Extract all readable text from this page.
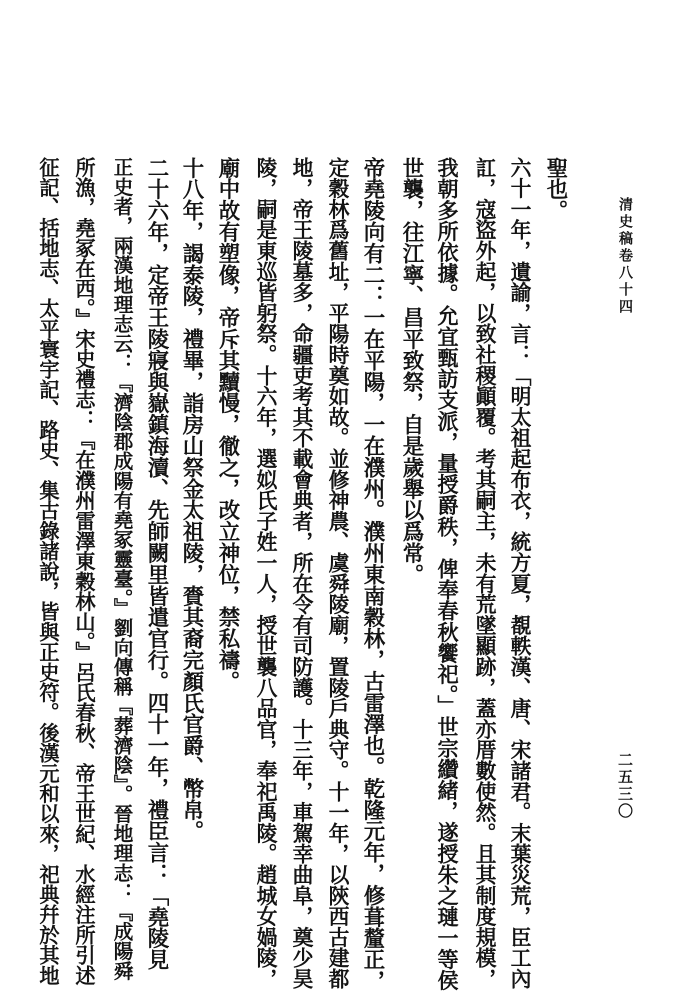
清史稿卷八十四
二五三〇
聖也。
六十一年，遺諭，言：「明太祖起布衣，統方夏，覩軼漢、唐、宋諸君。末葉災荒，臣工內
訌，寇盜外起，以致社稷顚覆。考其嗣主，未有荒墜顯跡，蓋亦厝數使然。且其制度規模，
我朝多所依據。允宜甄訪支派，量授爵秩，俾奉春秋饗祀。」世宗纘緒，遂授朱之璉一等侯
世襲，往江寧、昌平致祭，自是歲舉以爲常。
帝堯陵向有二：一在平陽，一在濮州。濮州東南穀林，古雷澤也。乾隆元年，修葺釐正，
定穀林爲舊址，平陽時奠如故。並修神農、虞舜陵廟，置陵戶典守。十一年，以陝西古建都
地，帝王陵墓多，命疆吏考其不載會典者，所在令有司防護。十三年，車駕幸曲阜，奠少昊
陵，嗣是東巡皆躬祭。十六年，選姒氏子姓一人，授世襲八品官，奉祀禹陵。趙城女媧陵，
廟中故有塑像，帝斥其黷慢，徹之，改立神位，禁私禱。
十八年，謁泰陵，禮畢，詣房山祭金太祖陵，賚其裔完顏氏官爵、幣帛。
二十六年，定帝王陵寢與嶽鎮海瀆、先師闕里皆遣官行。四十一年，禮臣言：「堯陵見
正史者，兩漢地理志云：『濟陰郡成陽有堯冢靈臺。』劉向傳稱『葬濟陰』。晉地理志：『成陽舜
所漁，堯冢在西。』宋史禮志：『在濮州雷澤東穀林山。』呂氏春秋、帝王世紀、水經注所引述
征記、括地志、太平寰宇記、路史、集古錄諸說，皆與正史符。後漢元和以來，祀典幷於其地
